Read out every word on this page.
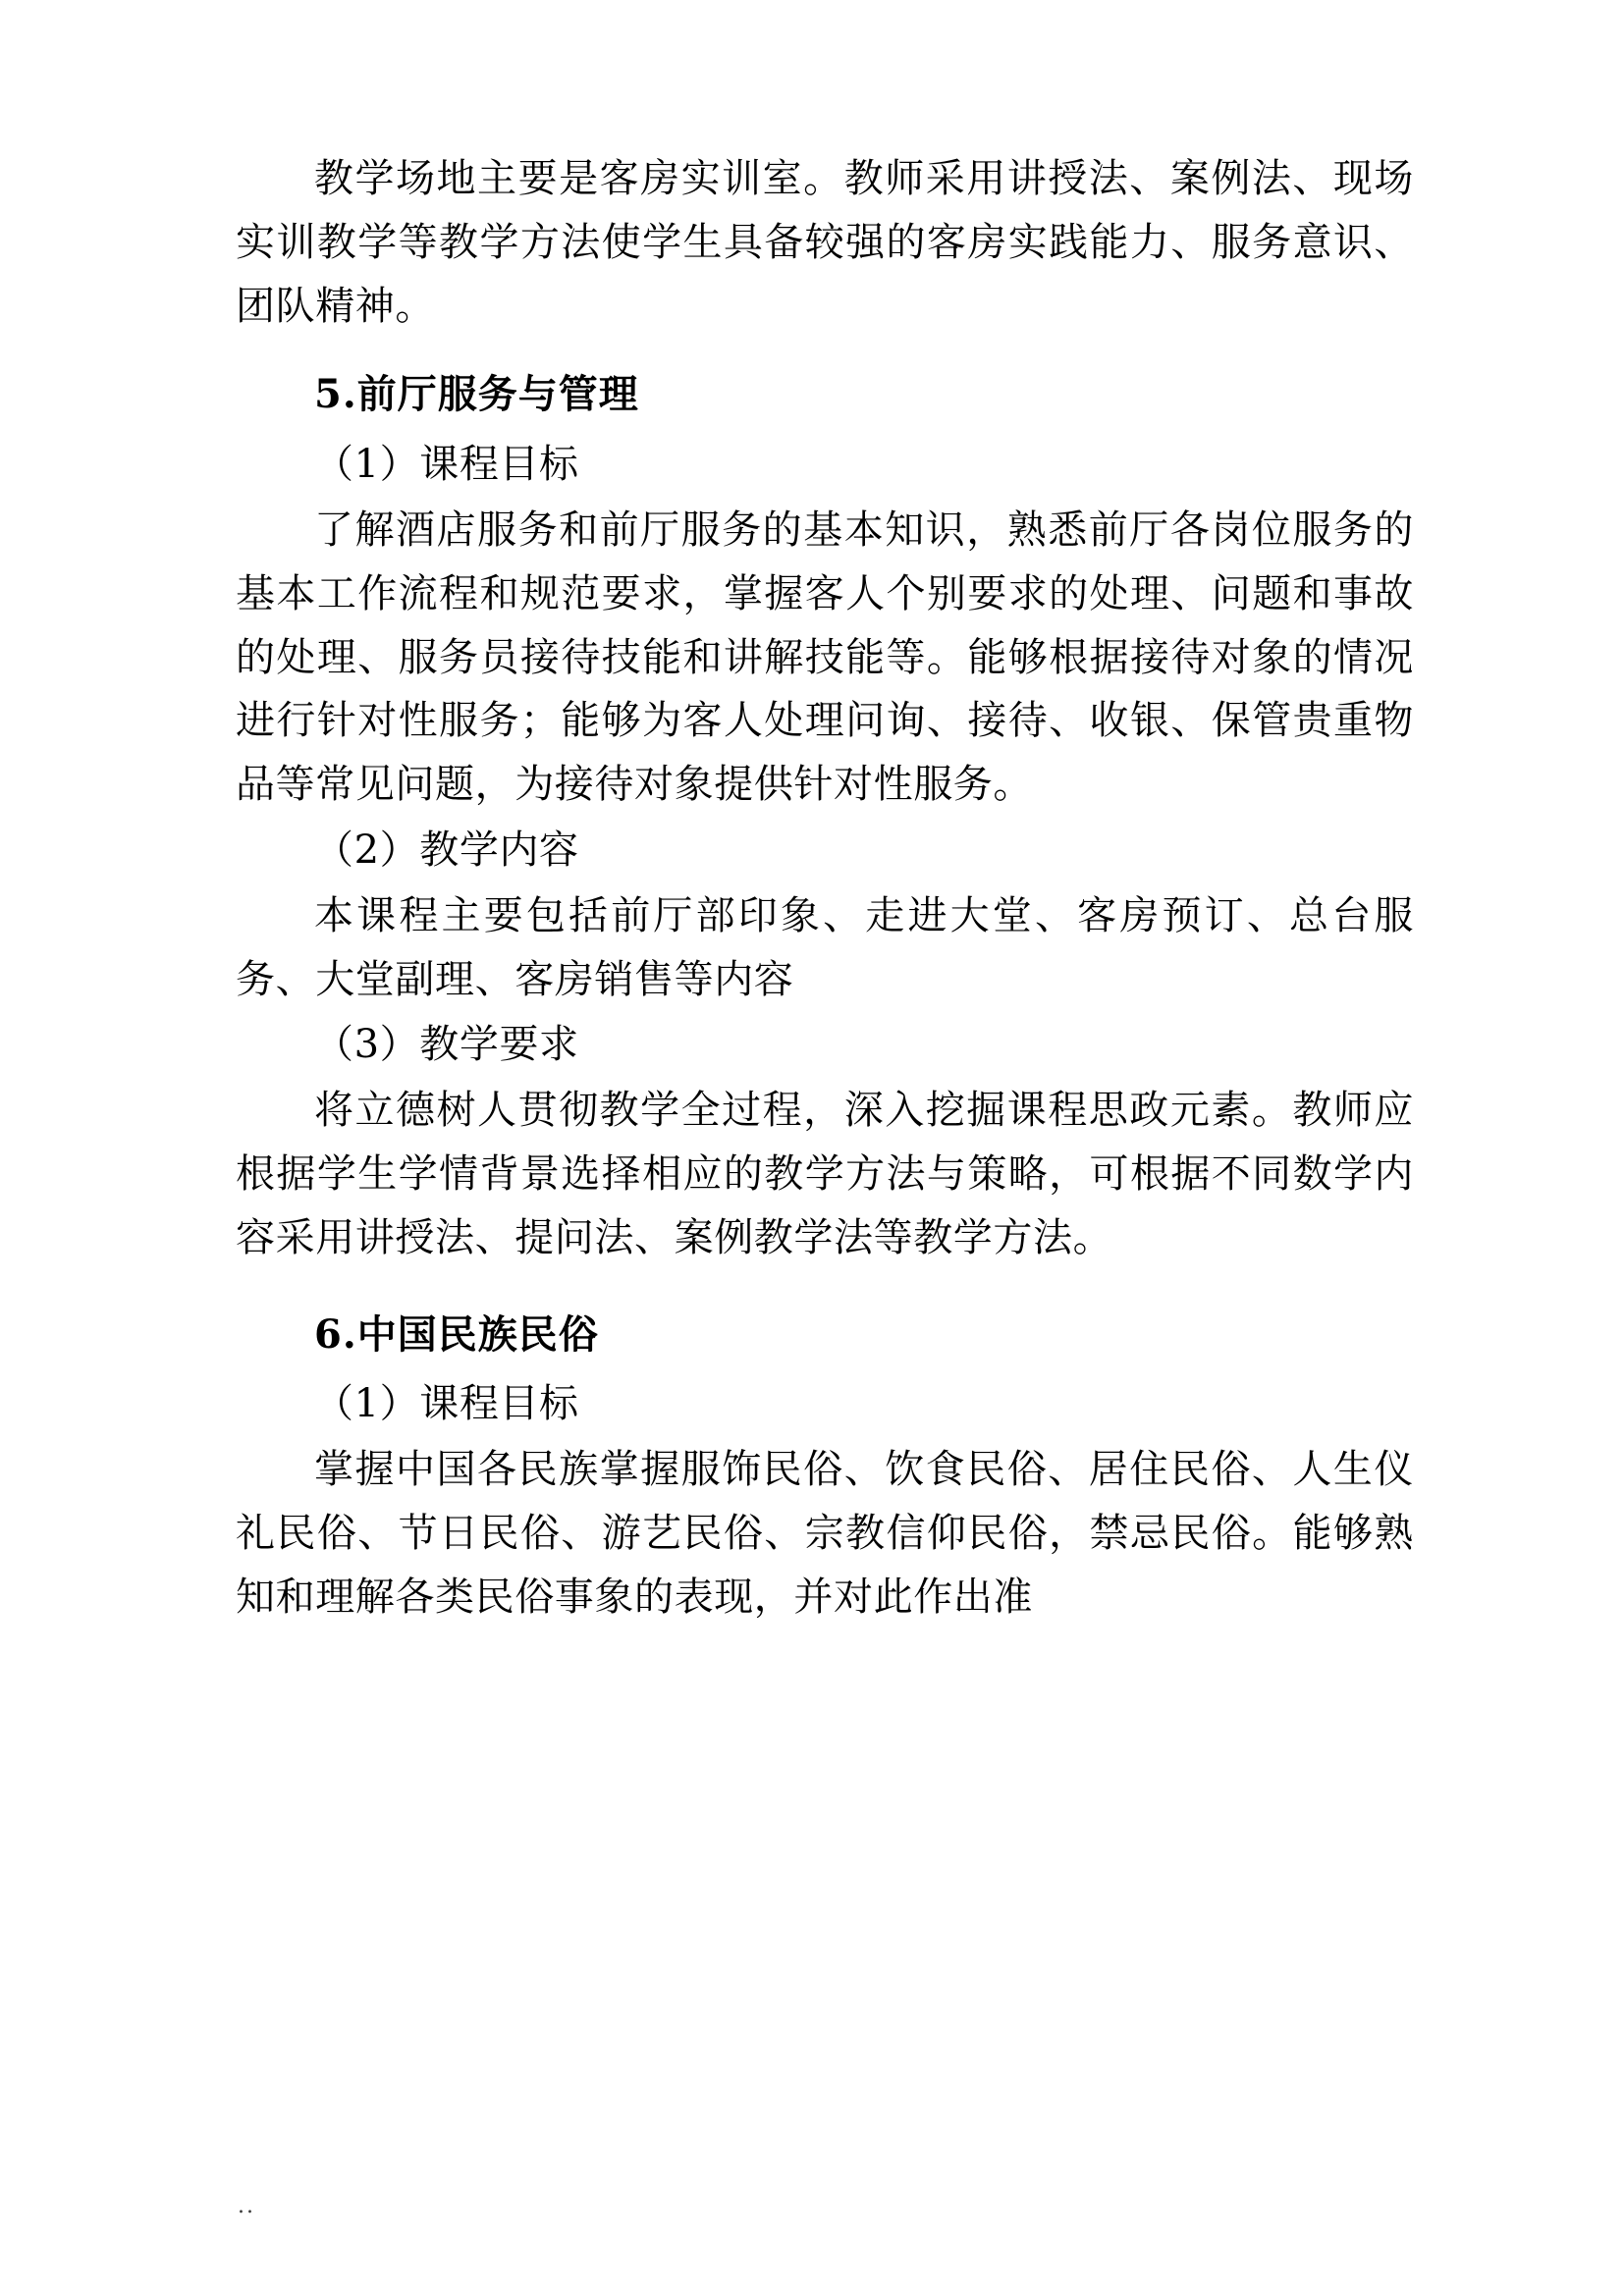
教学场地主要是客房实训室。教师采用讲授法、案例法、现场实训教学等教学方法使学生具备较强的客房实践能力、服务意识、团队精神。

5.前厅服务与管理

（1）课程目标

了解酒店服务和前厅服务的基本知识，熟悉前厅各岗位服务的基本工作流程和规范要求，掌握客人个别要求的处理、问题和事故的处理、服务员接待技能和讲解技能等。能够根据接待对象的情况进行针对性服务；能够为客人处理问询、接待、收银、保管贵重物品等常见问题，为接待对象提供针对性服务。

（2）教学内容

本课程主要包括前厅部印象、走进大堂、客房预订、总台服务、大堂副理、客房销售等内容

（3）教学要求

将立德树人贯彻教学全过程，深入挖掘课程思政元素。教师应根据学生学情背景选择相应的教学方法与策略，可根据不同数学内容采用讲授法、提问法、案例教学法等教学方法。

6.中国民族民俗

（1）课程目标

掌握中国各民族掌握服饰民俗、饮食民俗、居住民俗、人生仪礼民俗、节日民俗、游艺民俗、宗教信仰民俗，禁忌民俗。能够熟知和理解各类民俗事象的表现，并对此作出准

..
